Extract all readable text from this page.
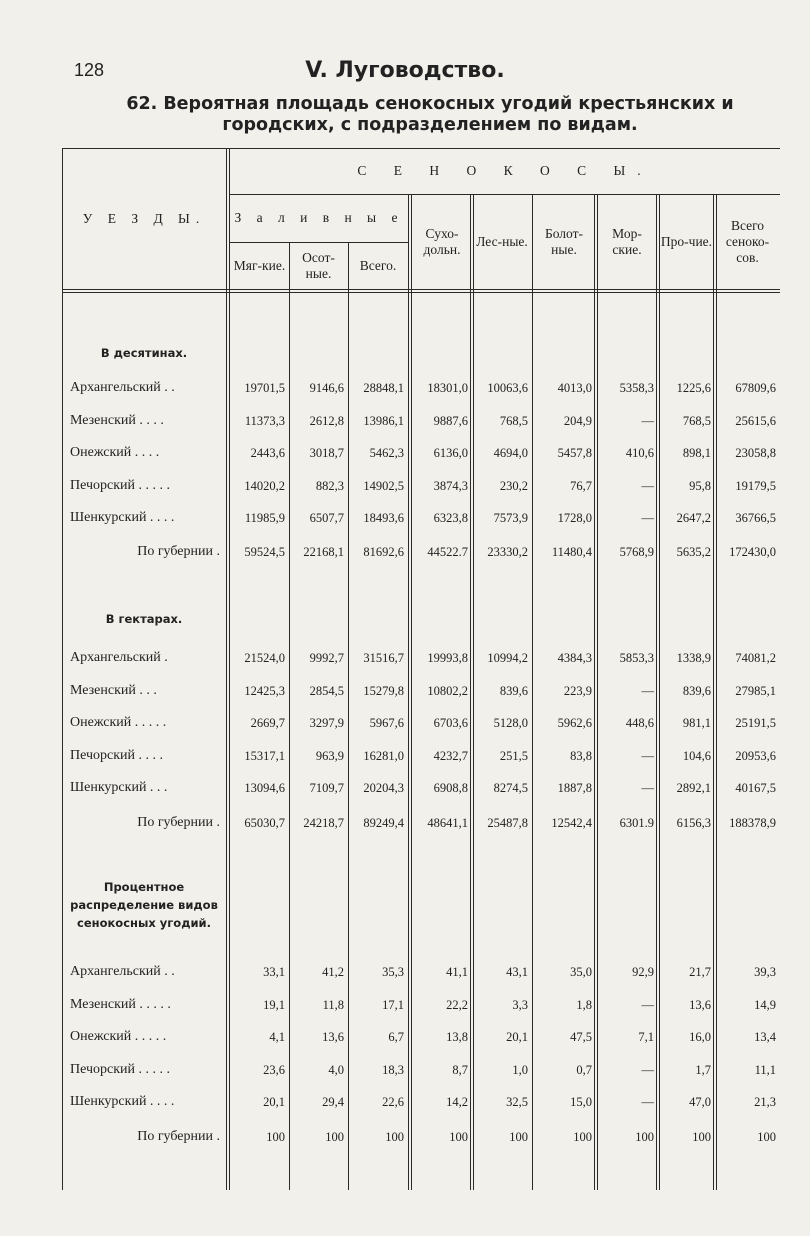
128	V. Луговодство.
62. Вероятная площадь сенокосных угодий крестьянских и городских, с подразделением по видам.
У Е З Д Ы.
С Е Н О К О С Ы.
З а л и в н ы е
Мяг-кие.
Осот-ные.
Всего.
Сухо-дольн.
Лес-ные.
Болот-ные.
Мор-ские.
Про-чие.
Всего сеноко-сов.
В десятинах.
Архангельский . .	19701,5	9146,6	28848,1	18301,0	10063,6	4013,0	5358,3	1225,6	67809,6
Мезенский . . . .	11373,3	2612,8	13986,1	9887,6	768,5	204,9	—	768,5	25615,6
Онежский . . . .	2443,6	3018,7	5462,3	6136,0	4694,0	5457,8	410,6	898,1	23058,8
Печорский . . . . .	14020,2	882,3	14902,5	3874,3	230,2	76,7	—	95,8	19179,5
Шенкурский . . . .	11985,9	6507,7	18493,6	6323,8	7573,9	1728,0	—	2647,2	36766,5
По губернии .	59524,5	22168,1	81692,6	44522.7	23330,2	11480,4	5768,9	5635,2	172430,0
В гектарах.
Архангельский .	21524,0	9992,7	31516,7	19993,8	10994,2	4384,3	5853,3	1338,9	74081,2
Мезенский . . .	12425,3	2854,5	15279,8	10802,2	839,6	223,9	—	839,6	27985,1
Онежский . . . . .	2669,7	3297,9	5967,6	6703,6	5128,0	5962,6	448,6	981,1	25191,5
Печорский . . . .	15317,1	963,9	16281,0	4232,7	251,5	83,8	—	104,6	20953,6
Шенкурский . . .	13094,6	7109,7	20204,3	6908,8	8274,5	1887,8	—	2892,1	40167,5
По губернии .	65030,7	24218,7	89249,4	48641,1	25487,8	12542,4	6301.9	6156,3	188378,9
Процентное распределение видов сенокосных угодий.
Архангельский . .	33,1	41,2	35,3	41,1	43,1	35,0	92,9	21,7	39,3
Мезенский . . . . .	19,1	11,8	17,1	22,2	3,3	1,8	—	13,6	14,9
Онежский . . . . .	4,1	13,6	6,7	13,8	20,1	47,5	7,1	16,0	13,4
Печорский . . . . .	23,6	4,0	18,3	8,7	1,0	0,7	—	1,7	11,1
Шенкурский . . . .	20,1	29,4	22,6	14,2	32,5	15,0	—	47,0	21,3
По губернии .	100	100	100	100	100	100	100	100	100
